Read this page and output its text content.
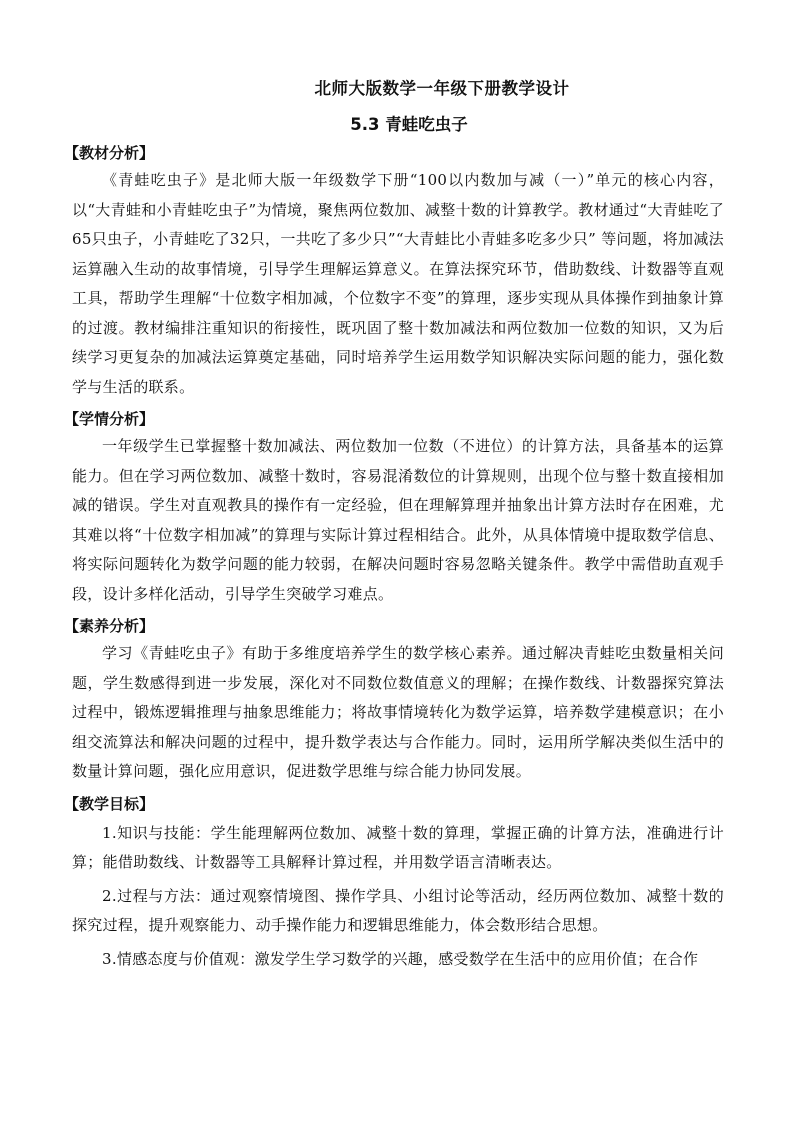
北师大版数学一年级下册教学设计
5.3 青蛙吃虫子
【教材分析】

《青蛙吃虫子》是北师大版一年级数学下册“100以内数加与减（一）”单元的核心内容，以“大青蛙和小青蛙吃虫子”为情境，聚焦两位数加、减整十数的计算教学。教材通过“大青蛙吃了65只虫子，小青蛙吃了32只，一共吃了多少只”“大青蛙比小青蛙多吃多少只” 等问题，将加减法运算融入生动的故事情境，引导学生理解运算意义。在算法探究环节，借助数线、计数器等直观工具，帮助学生理解“十位数字相加减，个位数字不变”的算理，逐步实现从具体操作到抽象计算的过渡。教材编排注重知识的衔接性，既巩固了整十数加减法和两位数加一位数的知识，又为后续学习更复杂的加减法运算奠定基础，同时培养学生运用数学知识解决实际问题的能力，强化数学与生活的联系。

【学情分析】

一年级学生已掌握整十数加减法、两位数加一位数（不进位）的计算方法，具备基本的运算能力。但在学习两位数加、减整十数时，容易混淆数位的计算规则，出现个位与整十数直接相加减的错误。学生对直观教具的操作有一定经验，但在理解算理并抽象出计算方法时存在困难，尤其难以将“十位数字相加减”的算理与实际计算过程相结合。此外，从具体情境中提取数学信息、将实际问题转化为数学问题的能力较弱，在解决问题时容易忽略关键条件。教学中需借助直观手段，设计多样化活动，引导学生突破学习难点。

【素养分析】

学习《青蛙吃虫子》有助于多维度培养学生的数学核心素养。通过解决青蛙吃虫数量相关问题，学生数感得到进一步发展，深化对不同数位数值意义的理解；在操作数线、计数器探究算法过程中，锻炼逻辑推理与抽象思维能力；将故事情境转化为数学运算，培养数学建模意识；在小组交流算法和解决问题的过程中，提升数学表达与合作能力。同时，运用所学解决类似生活中的数量计算问题，强化应用意识，促进数学思维与综合能力协同发展。

【教学目标】

1.知识与技能：学生能理解两位数加、减整十数的算理，掌握正确的计算方法，准确进行计算；能借助数线、计数器等工具解释计算过程，并用数学语言清晰表达。

2.过程与方法：通过观察情境图、操作学具、小组讨论等活动，经历两位数加、减整十数的探究过程，提升观察能力、动手操作能力和逻辑思维能力，体会数形结合思想。

3.情感态度与价值观：激发学生学习数学的兴趣，感受数学在生活中的应用价值；在合作
